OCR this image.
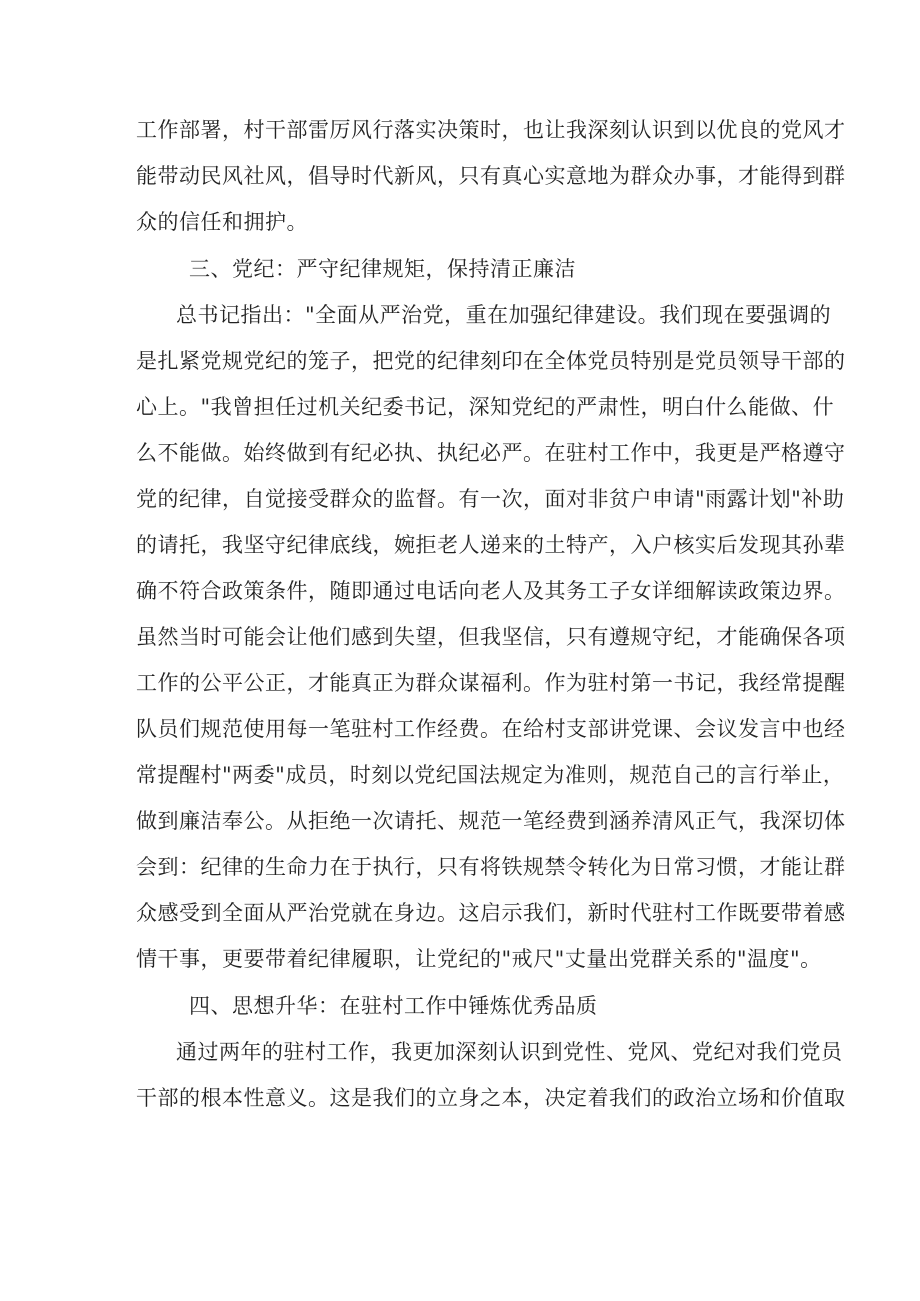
工作部署，村干部雷厉风行落实决策时，也让我深刻认识到以优良的党风才
能带动民风社风，倡导时代新风，只有真心实意地为群众办事，才能得到群
众的信任和拥护。
三、党纪：严守纪律规矩，保持清正廉洁
总书记指出："全面从严治党，重在加强纪律建设。我们现在要强调的
是扎紧党规党纪的笼子，把党的纪律刻印在全体党员特别是党员领导干部的
心上。"我曾担任过机关纪委书记，深知党纪的严肃性，明白什么能做、什
么不能做。始终做到有纪必执、执纪必严。在驻村工作中，我更是严格遵守
党的纪律，自觉接受群众的监督。有一次，面对非贫户申请"雨露计划"补助
的请托，我坚守纪律底线，婉拒老人递来的土特产，入户核实后发现其孙辈
确不符合政策条件，随即通过电话向老人及其务工子女详细解读政策边界。
虽然当时可能会让他们感到失望，但我坚信，只有遵规守纪，才能确保各项
工作的公平公正，才能真正为群众谋福利。作为驻村第一书记，我经常提醒
队员们规范使用每一笔驻村工作经费。在给村支部讲党课、会议发言中也经
常提醒村"两委"成员，时刻以党纪国法规定为准则，规范自己的言行举止，
做到廉洁奉公。从拒绝一次请托、规范一笔经费到涵养清风正气，我深切体
会到：纪律的生命力在于执行，只有将铁规禁令转化为日常习惯，才能让群
众感受到全面从严治党就在身边。这启示我们，新时代驻村工作既要带着感
情干事，更要带着纪律履职，让党纪的"戒尺"丈量出党群关系的"温度"。
四、思想升华：在驻村工作中锤炼优秀品质
通过两年的驻村工作，我更加深刻认识到党性、党风、党纪对我们党员
干部的根本性意义。这是我们的立身之本，决定着我们的政治立场和价值取
